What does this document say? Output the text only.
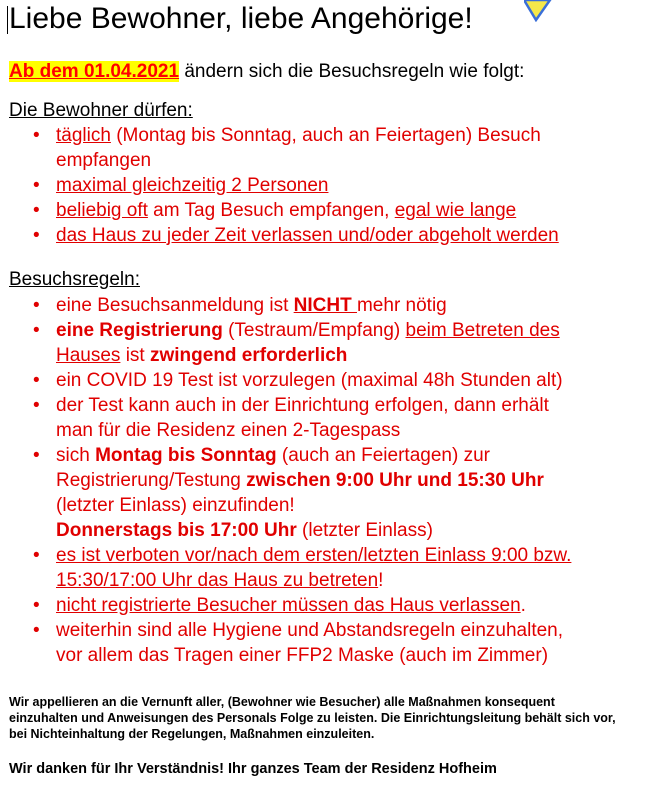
Liebe Bewohner, liebe Angehörige!
Ab dem 01.04.2021 ändern sich die Besuchsregeln wie folgt:
Die Bewohner dürfen:
• täglich (Montag bis Sonntag, auch an Feiertagen) Besuch
empfangen
• maximal gleichzeitig 2 Personen
• beliebig oft am Tag Besuch empfangen, egal wie lange
• das Haus zu jeder Zeit verlassen und/oder abgeholt werden
Besuchsregeln:
• eine Besuchsanmeldung ist NICHT mehr nötig
• eine Registrierung (Testraum/Empfang) beim Betreten des
Hauses ist zwingend erforderlich
• ein COVID 19 Test ist vorzulegen (maximal 48h Stunden alt)
• der Test kann auch in der Einrichtung erfolgen, dann erhält
man für die Residenz einen 2-Tagespass
• sich Montag bis Sonntag (auch an Feiertagen) zur
Registrierung/Testung zwischen 9:00 Uhr und 15:30 Uhr
(letzter Einlass) einzufinden!
Donnerstags bis 17:00 Uhr (letzter Einlass)
• es ist verboten vor/nach dem ersten/letzten Einlass 9:00 bzw.
15:30/17:00 Uhr das Haus zu betreten!
• nicht registrierte Besucher müssen das Haus verlassen.
• weiterhin sind alle Hygiene und Abstandsregeln einzuhalten,
vor allem das Tragen einer FFP2 Maske (auch im Zimmer)
Wir appellieren an die Vernunft aller, (Bewohner wie Besucher) alle Maßnahmen konsequent
einzuhalten und Anweisungen des Personals Folge zu leisten. Die Einrichtungsleitung behält sich vor,
bei Nichteinhaltung der Regelungen, Maßnahmen einzuleiten.
Wir danken für Ihr Verständnis! Ihr ganzes Team der Residenz Hofheim
